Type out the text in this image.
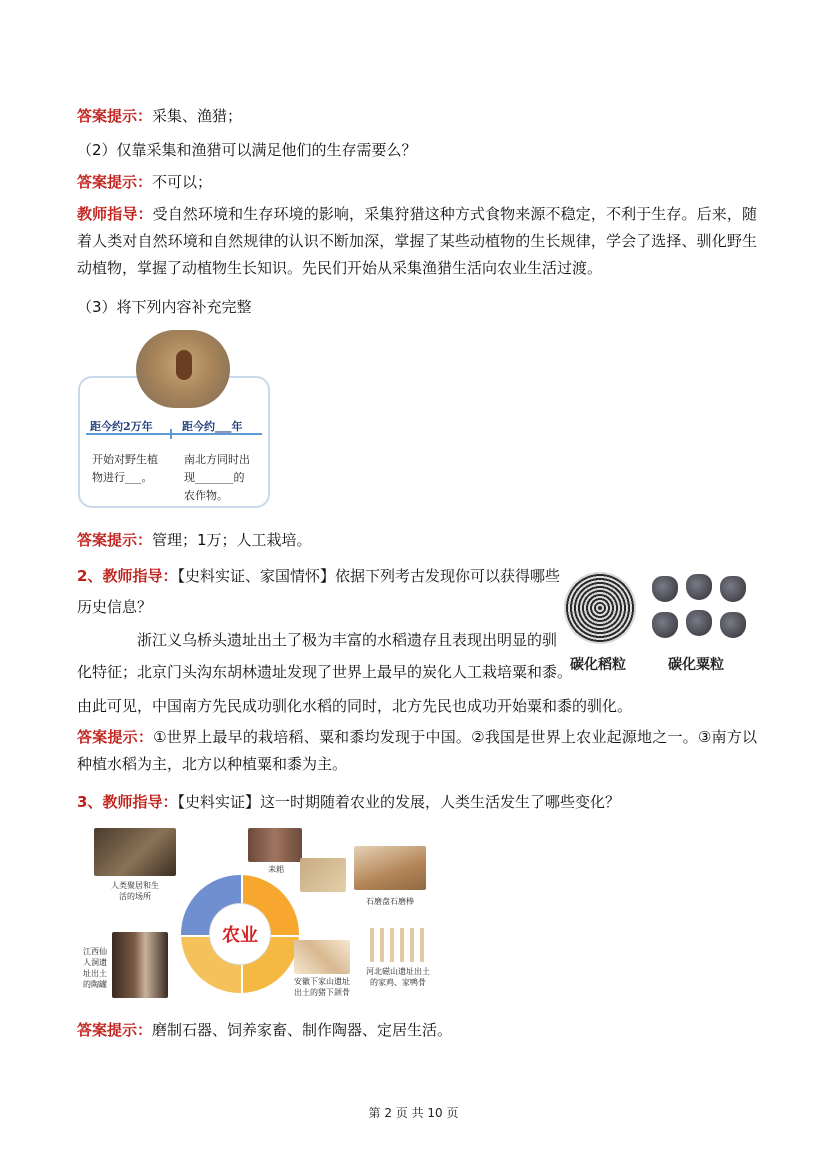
答案提示：采集、渔猎；
（2）仅靠采集和渔猎可以满足他们的生存需要么？
答案提示：不可以；
教师指导：受自然环境和生存环境的影响，采集狩猎这种方式食物来源不稳定，不利于生存。后来，随着人类对自然环境和自然规律的认识不断加深，掌握了某些动植物的生长规律，学会了选择、驯化野生动植物，掌握了动植物生长知识。先民们开始从采集渔猎生活向农业生活过渡。
（3）将下列内容补充完整
距今约2万年	距今约___年
开始对野生植
物进行___。
南北方同时出
现_______的
农作物。
答案提示：管理；1万；人工栽培。
2、教师指导：【史料实证、家国情怀】依据下列考古发现你可以获得哪些
历史信息？
浙江义乌桥头遗址出土了极为丰富的水稻遗存且表现出明显的驯
化特征；北京门头沟东胡林遗址发现了世界上最早的炭化人工栽培粟和黍。
由此可见，中国南方先民成功驯化水稻的同时，北方先民也成功开始粟和黍的驯化。
碳化稻粒	碳化粟粒
答案提示：①世界上最早的栽培稻、粟和黍均发现于中国。②我国是世界上农业起源地之一。③南方以种植水稻为主，北方以种植粟和黍为主。
3、教师指导：【史料实证】这一时期随着农业的发展，人类生活发生了哪些变化？
人类聚居和生
活的场所
耒耜
石磨盘石磨棒
农业
江西仙
人洞遗
址出土
的陶罐	安徽下家山遗址
出土的猪下颌骨
河北磁山遗址出土
的家鸡、家鸭骨
答案提示：磨制石器、饲养家畜、制作陶器、定居生活。
第 2 页 共 10 页
